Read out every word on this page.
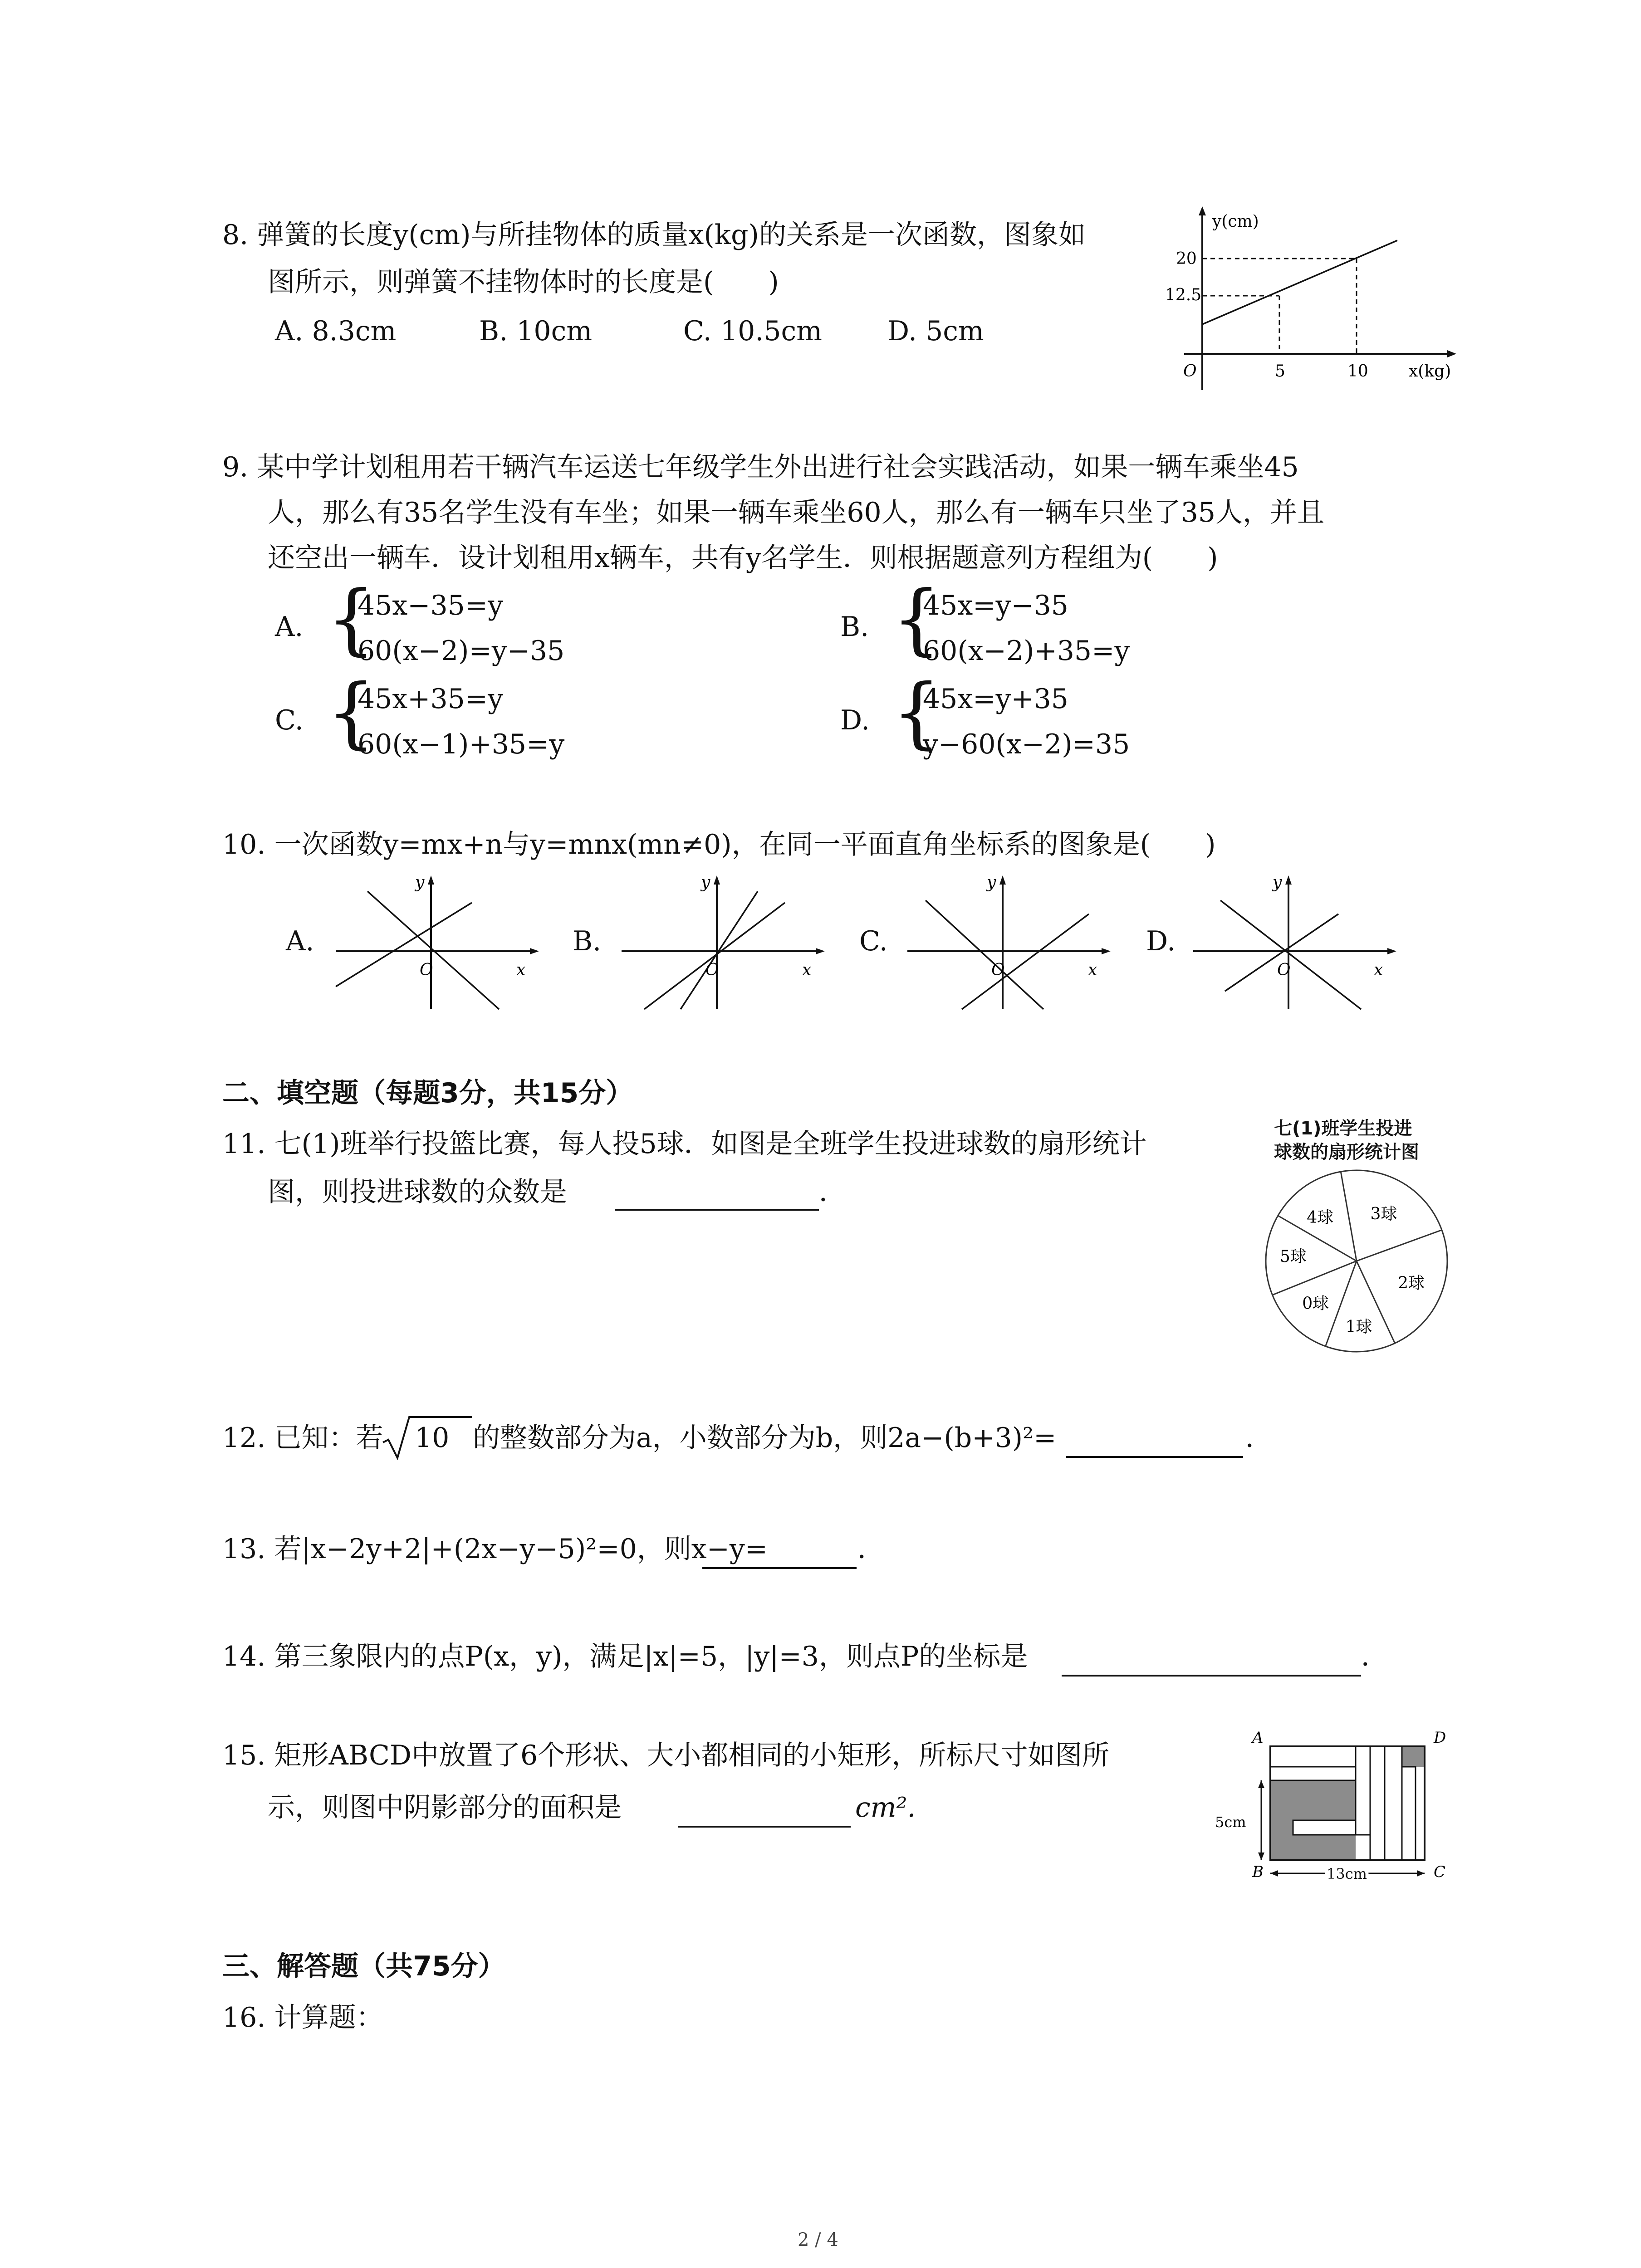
8. 弹簧的长度y(cm)与所挂物体的质量x(kg)的关系是一次函数，图象如
图所示，则弹簧不挂物体时的长度是(　　)
A. 8.3cm	B. 10cm	C. 10.5cm D. 5cm
y(cm)
20
12.5
O	5	10 x(kg)
9. 某中学计划租用若干辆汽车运送七年级学生外出进行社会实践活动，如果一辆车乘坐45
人，那么有35名学生没有车坐；如果一辆车乘坐60人，那么有一辆车只坐了35人，并且
还空出一辆车．设计划租用x辆车，共有y名学生．则根据题意列方程组为(　　)
A. {
45x−35=y
60(x−2)=y−35
B. {
45x=y−35
60(x−2)+35=y
C. {
45x+35=y
60(x−1)+35=y
D. {
45x=y+35
y−60(x−2)=35
10. 一次函数y=mx+n与y=mnx(mn≠0)，在同一平面直角坐标系的图象是(　　)
A.
y
O	x
B.
y
O	x
C.
y
O	x
D.
y
O	x
二、填空题（每题3分，共15分）
11. 七(1)班举行投篮比赛，每人投5球．如图是全班学生投进球数的扇形统计
图，则投进球数的众数是	．
七(1)班学生投进
球数的扇形统计图
3球
2球
1球
0球
5球
4球
12. 已知：若 10 的整数部分为a，小数部分为b，则2a−(b+3)²=	．
13. 若|x−2y+2|+(2x−y−5)²=0，则x−y=	．
14. 第三象限内的点P(x，y)，满足|x|=5，|y|=3，则点P的坐标是	．
15. 矩形ABCD中放置了6个形状、大小都相同的小矩形，所标尺寸如图所
示，则图中阴影部分的面积是	cm².
A	D
B	C
5cm
13cm
三、解答题（共75分）
16. 计算题：
2 / 4
